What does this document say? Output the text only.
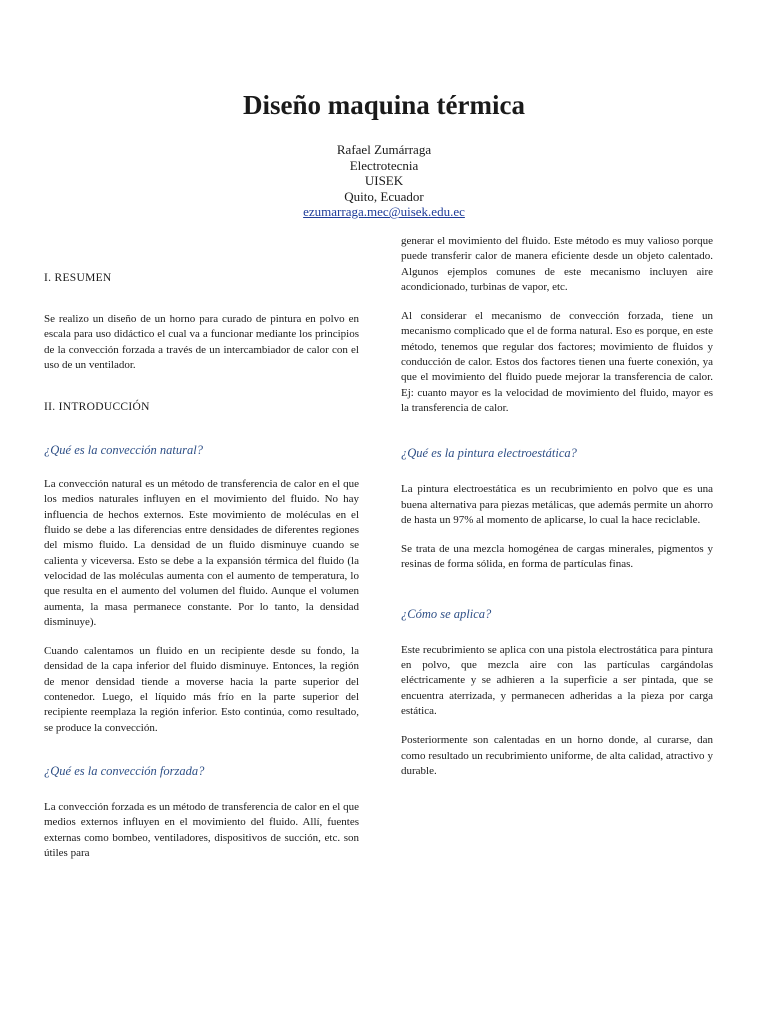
Diseño maquina térmica
Rafael Zumárraga
Electrotecnia
UISEK
Quito, Ecuador
ezumarraga.mec@uisek.edu.ec

I. RESUMEN

Se realizo un diseño de un horno para curado de pintura en polvo en escala para uso didáctico el cual va a funcionar mediante los principios de la convección forzada a través de un intercambiador de calor con el uso de un ventilador.

II. INTRODUCCIÓN

¿Qué es la convección natural?

La convección natural es un método de transferencia de calor en el que los medios naturales influyen en el movimiento del fluido. No hay influencia de hechos externos. Este movimiento de moléculas en el fluido se debe a las diferencias entre densidades de diferentes regiones del mismo fluido. La densidad de un fluido disminuye cuando se calienta y viceversa. Esto se debe a la expansión térmica del fluido (la velocidad de las moléculas aumenta con el aumento de temperatura, lo que resulta en el aumento del volumen del fluido. Aunque el volumen aumenta, la masa permanece constante. Por lo tanto, la densidad disminuye).

Cuando calentamos un fluido en un recipiente desde su fondo, la densidad de la capa inferior del fluido disminuye. Entonces, la región de menor densidad tiende a moverse hacia la parte superior del contenedor. Luego, el líquido más frío en la parte superior del recipiente reemplaza la región inferior. Esto continúa, como resultado, se produce la convección.

¿Qué es la convección forzada?

La convección forzada es un método de transferencia de calor en el que medios externos influyen en el movimiento del fluido. Allí, fuentes externas como bombeo, ventiladores, dispositivos de succión, etc. son útiles para

generar el movimiento del fluido. Este método es muy valioso porque puede transferir calor de manera eficiente desde un objeto calentado. Algunos ejemplos comunes de este mecanismo incluyen aire acondicionado, turbinas de vapor, etc.

Al considerar el mecanismo de convección forzada, tiene un mecanismo complicado que el de forma natural. Eso es porque, en este método, tenemos que regular dos factores; movimiento de fluidos y conducción de calor. Estos dos factores tienen una fuerte conexión, ya que el movimiento del fluido puede mejorar la transferencia de calor. Ej: cuanto mayor es la velocidad de movimiento del fluido, mayor es la transferencia de calor.

¿Qué es la pintura electroestática?

La pintura electroestática es un recubrimiento en polvo que es una buena alternativa para piezas metálicas, que además permite un ahorro de hasta un 97% al momento de aplicarse, lo cual la hace reciclable.

Se trata de una mezcla homogénea de cargas minerales, pigmentos y resinas de forma sólida, en forma de partículas finas.

¿Cómo se aplica?

Este recubrimiento se aplica con una pistola electrostática para pintura en polvo, que mezcla aire con las partículas cargándolas eléctricamente y se adhieren a la superficie a ser pintada, que se encuentra aterrizada, y permanecen adheridas a la pieza por carga estática.

Posteriormente son calentadas en un horno donde, al curarse, dan como resultado un recubrimiento uniforme, de alta calidad, atractivo y durable.
